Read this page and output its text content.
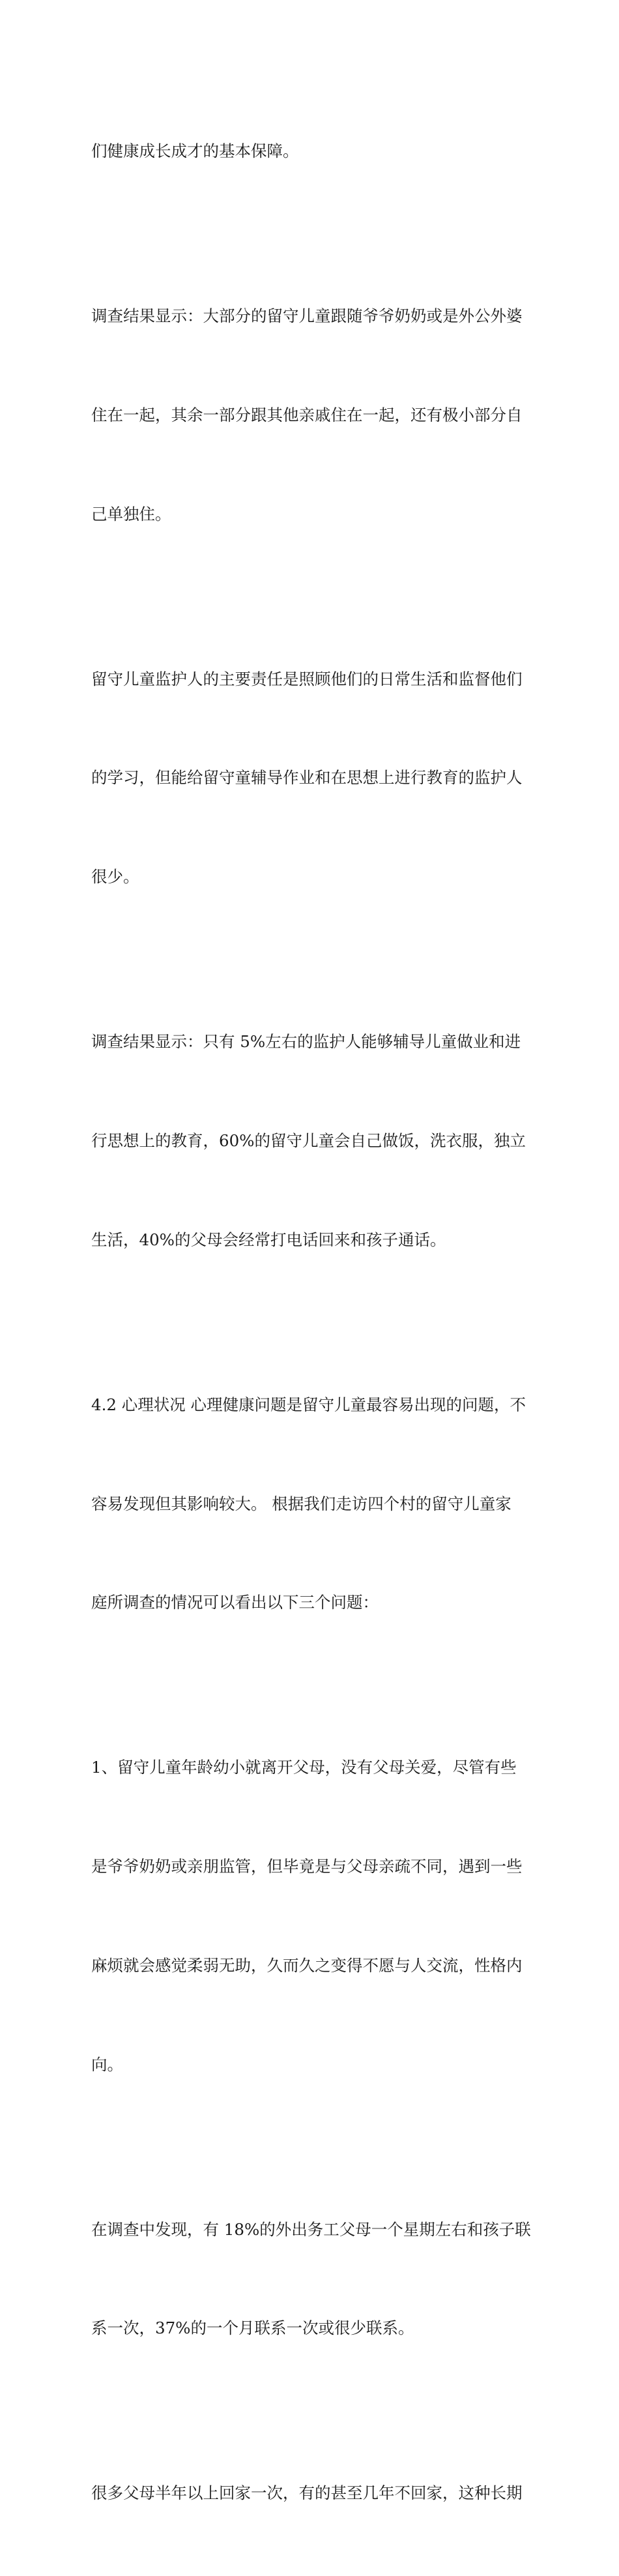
们健康成长成才的基本保障。

调查结果显示：大部分的留守儿童跟随爷爷奶奶或是外公外婆

住在一起，其余一部分跟其他亲戚住在一起，还有极小部分自

己单独住。

留守儿童监护人的主要责任是照顾他们的日常生活和监督他们

的学习，但能给留守童辅导作业和在思想上进行教育的监护人

很少。

调查结果显示：只有 5%左右的监护人能够辅导儿童做业和进

行思想上的教育，60%的留守儿童会自己做饭，洗衣服，独立

生活，40%的父母会经常打电话回来和孩子通话。

4.2 心理状况 心理健康问题是留守儿童最容易出现的问题，不

容易发现但其影响较大。 根据我们走访四个村的留守儿童家

庭所调查的情况可以看出以下三个问题：

1、留守儿童年龄幼小就离开父母，没有父母关爱，尽管有些

是爷爷奶奶或亲朋监管，但毕竟是与父母亲疏不同，遇到一些

麻烦就会感觉柔弱无助，久而久之变得不愿与人交流，性格内

向。

在调查中发现，有 18%的外出务工父母一个星期左右和孩子联

系一次，37%的一个月联系一次或很少联系。

很多父母半年以上回家一次，有的甚至几年不回家，这种长期
